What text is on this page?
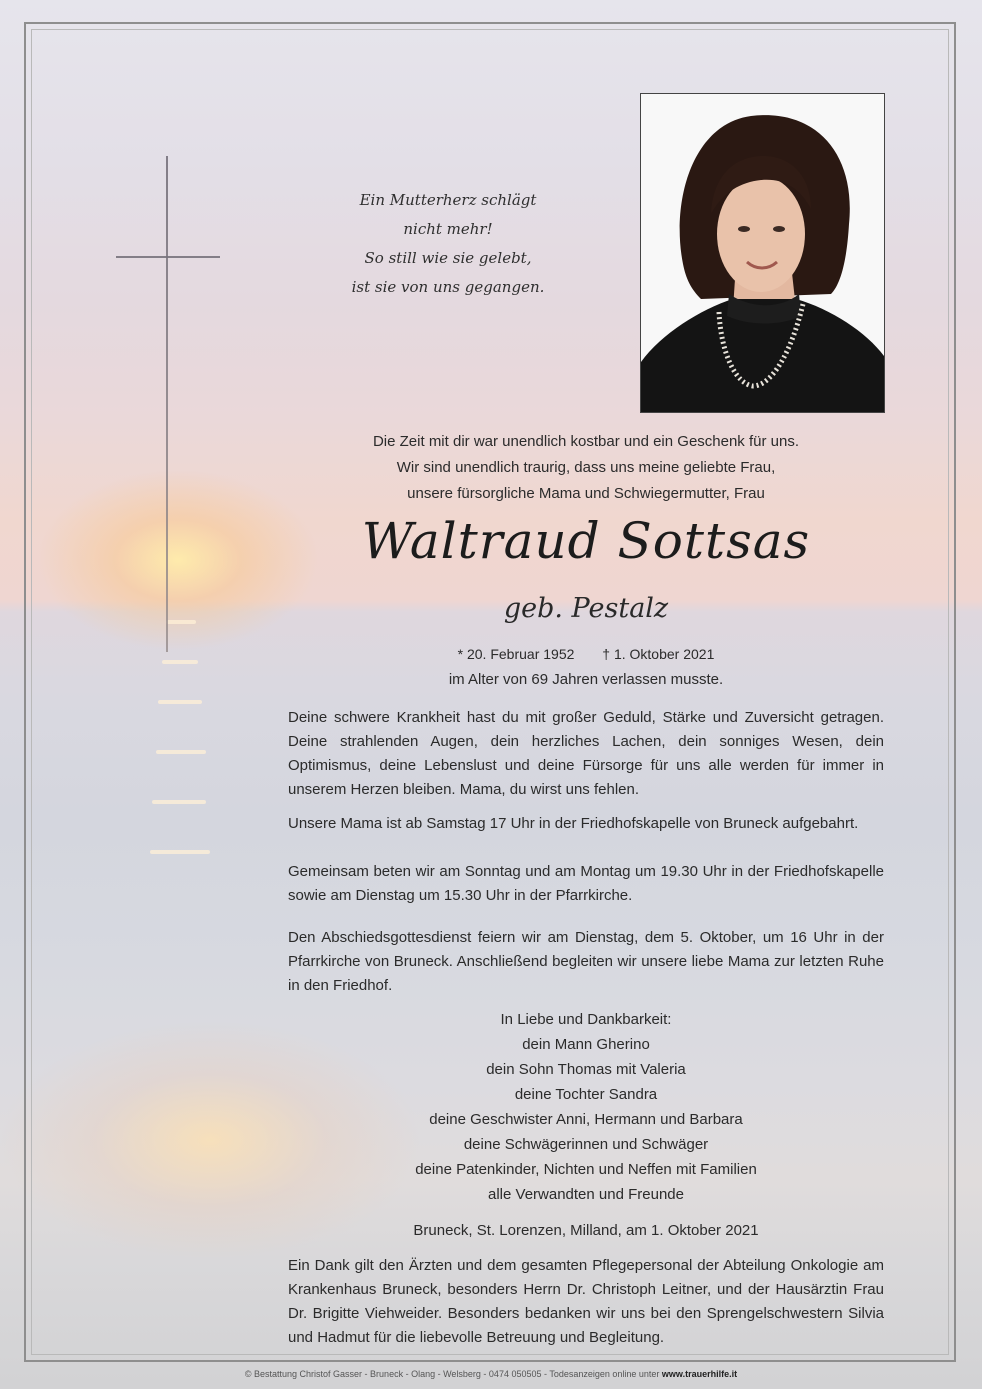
Ein Mutterherz schlägt
nicht mehr!
So still wie sie gelebt,
ist sie von uns gegangen.
Die Zeit mit dir war unendlich kostbar und ein Geschenk für uns.
Wir sind unendlich traurig, dass uns meine geliebte Frau,
unsere fürsorgliche Mama und Schwiegermutter, Frau
Waltraud Sottsas
geb. Pestalz
* 20. Februar 1952 † 1. Oktober 2021
im Alter von 69 Jahren verlassen musste.
Deine schwere Krankheit hast du mit großer Geduld, Stärke und Zuversicht getragen. Deine strahlenden Augen, dein herzliches Lachen, dein sonniges Wesen, dein Optimismus, deine Lebenslust und deine Fürsorge für uns alle werden für immer in unserem Herzen bleiben. Mama, du wirst uns fehlen.
Unsere Mama ist ab Samstag 17 Uhr in der Friedhofskapelle von Bruneck aufgebahrt.
Gemeinsam beten wir am Sonntag und am Montag um 19.30 Uhr in der Friedhofskapelle sowie am Dienstag um 15.30 Uhr in der Pfarrkirche.
Den Abschiedsgottesdienst feiern wir am Dienstag, dem 5. Oktober, um 16 Uhr in der Pfarrkirche von Bruneck. Anschließend begleiten wir unsere liebe Mama zur letzten Ruhe in den Friedhof.
In Liebe und Dankbarkeit:
dein Mann Gherino
dein Sohn Thomas mit Valeria
deine Tochter Sandra
deine Geschwister Anni, Hermann und Barbara
deine Schwägerinnen und Schwäger
deine Patenkinder, Nichten und Neffen mit Familien
alle Verwandten und Freunde
Bruneck, St. Lorenzen, Milland, am 1. Oktober 2021
Ein Dank gilt den Ärzten und dem gesamten Pflegepersonal der Abteilung Onkologie am Krankenhaus Bruneck, besonders Herrn Dr. Christoph Leitner, und der Hausärztin Frau Dr. Brigitte Viehweider. Besonders bedanken wir uns bei den Sprengelschwestern Silvia und Hadmut für die liebevolle Betreuung und Begleitung.
© Bestattung Christof Gasser - Bruneck - Olang - Welsberg - 0474 050505 - Todesanzeigen online unter www.trauerhilfe.it
